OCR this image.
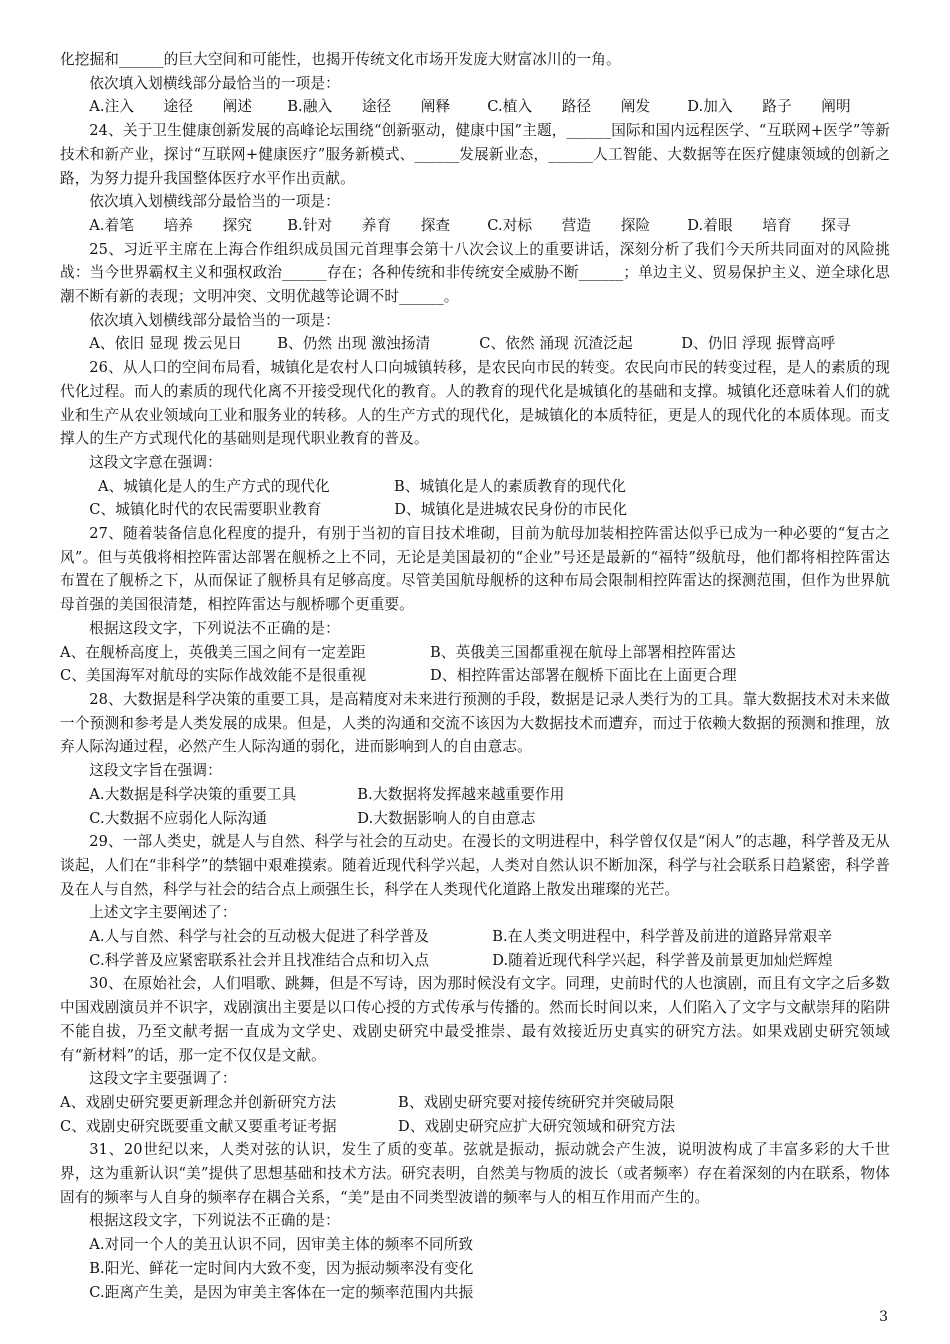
化挖掘和______的巨大空间和可能性，也揭开传统文化市场开发庞大财富冰川的一角。

依次填入划横线部分最恰当的一项是：

A.注入　　途径　　阐述 B.融入　　途径　　阐释	C.植入　　路径　　阐发	D.加入　　路子　　阐明

24、关于卫生健康创新发展的高峰论坛围绕“创新驱动，健康中国”主题，______国际和国内远程医学、“互联网+医学”等新技术和新产业，探讨“互联网+健康医疗”服务新模式、______发展新业态，______人工智能、大数据等在医疗健康领域的创新之路，为努力提升我国整体医疗水平作出贡献。

依次填入划横线部分最恰当的一项是：

A.着笔　　培养　　探究 B.针对　　养育　　探查	C.对标　　营造　　探险	D.着眼　　培育　　探寻

25、习近平主席在上海合作组织成员国元首理事会第十八次会议上的重要讲话，深刻分析了我们今天所共同面对的风险挑战：当今世界霸权主义和强权政治______存在；各种传统和非传统安全威胁不断______；单边主义、贸易保护主义、逆全球化思潮不断有新的表现；文明冲突、文明优越等论调不时______。

依次填入划横线部分最恰当的一项是：

A、依旧 显现 拨云见日 B、仍然 出现 激浊扬清	C、依然 涌现 沉渣泛起	D、仍旧 浮现 振臂高呼

26、从人口的空间布局看，城镇化是农村人口向城镇转移，是农民向市民的转变。农民向市民的转变过程，是人的素质的现代化过程。而人的素质的现代化离不开接受现代化的教育。人的教育的现代化是城镇化的基础和支撑。城镇化还意味着人们的就业和生产从农业领域向工业和服务业的转移。人的生产方式的现代化，是城镇化的本质特征，更是人的现代化的本质体现。而支撑人的生产方式现代化的基础则是现代职业教育的普及。

这段文字意在强调：

A、城镇化是人的生产方式的现代化	B、城镇化是人的素质教育的现代化
C、城镇化时代的农民需要职业教育	D、城镇化是进城农民身份的市民化

27、随着装备信息化程度的提升，有别于当初的盲目技术堆砌，目前为航母加装相控阵雷达似乎已成为一种必要的“复古之风”。但与英俄将相控阵雷达部署在舰桥之上不同，无论是美国最初的“企业”号还是最新的“福特”级航母，他们都将相控阵雷达布置在了舰桥之下，从而保证了舰桥具有足够高度。尽管美国航母舰桥的这种布局会限制相控阵雷达的探测范围，但作为世界航母首强的美国很清楚，相控阵雷达与舰桥哪个更重要。

根据这段文字，下列说法不正确的是：

A、在舰桥高度上，英俄美三国之间有一定差距	B、英俄美三国都重视在航母上部署相控阵雷达
C、美国海军对航母的实际作战效能不是很重视	D、相控阵雷达部署在舰桥下面比在上面更合理

28、大数据是科学决策的重要工具，是高精度对未来进行预测的手段，数据是记录人类行为的工具。靠大数据技术对未来做一个预测和参考是人类发展的成果。但是，人类的沟通和交流不该因为大数据技术而遭弃，而过于依赖大数据的预测和推理，放弃人际沟通过程，必然产生人际沟通的弱化，进而影响到人的自由意志。

这段文字旨在强调：

A.大数据是科学决策的重要工具	B.大数据将发挥越来越重要作用
C.大数据不应弱化人际沟通	D.大数据影响人的自由意志

29、一部人类史，就是人与自然、科学与社会的互动史。在漫长的文明进程中，科学曾仅仅是“闲人”的志趣，科学普及无从谈起，人们在“非科学”的禁锢中艰难摸索。随着近现代科学兴起，人类对自然认识不断加深，科学与社会联系日趋紧密，科学普及在人与自然，科学与社会的结合点上顽强生长，科学在人类现代化道路上散发出璀璨的光芒。

上述文字主要阐述了：

A.人与自然、科学与社会的互动极大促进了科学普及	B.在人类文明进程中，科学普及前进的道路异常艰辛
C.科学普及应紧密联系社会并且找准结合点和切入点	D.随着近现代科学兴起，科学普及前景更加灿烂辉煌

30、在原始社会，人们唱歌、跳舞，但是不写诗，因为那时候没有文字。同理，史前时代的人也演剧，而且有文字之后多数中国戏剧演员并不识字，戏剧演出主要是以口传心授的方式传承与传播的。然而长时间以来，人们陷入了文字与文献崇拜的陷阱不能自拔，乃至文献考据一直成为文学史、戏剧史研究中最受推崇、最有效接近历史真实的研究方法。如果戏剧史研究领域有“新材料”的话，那一定不仅仅是文献。

这段文字主要强调了：

A、戏剧史研究要更新理念并创新研究方法	B、戏剧史研究要对接传统研究并突破局限
C、戏剧史研究既要重文献又要重考证考据	D、戏剧史研究应扩大研究领域和研究方法

31、20世纪以来，人类对弦的认识，发生了质的变革。弦就是振动，振动就会产生波，说明波构成了丰富多彩的大千世界，这为重新认识“美”提供了思想基础和技术方法。研究表明，自然美与物质的波长（或者频率）存在着深刻的内在联系，物体固有的频率与人自身的频率存在耦合关系，“美”是由不同类型波谱的频率与人的相互作用而产生的。

根据这段文字，下列说法不正确的是：

A.对同一个人的美丑认识不同，因审美主体的频率不同所致

B.阳光、鲜花一定时间内大致不变，因为振动频率没有变化

C.距离产生美，是因为审美主客体在一定的频率范围内共振

3
